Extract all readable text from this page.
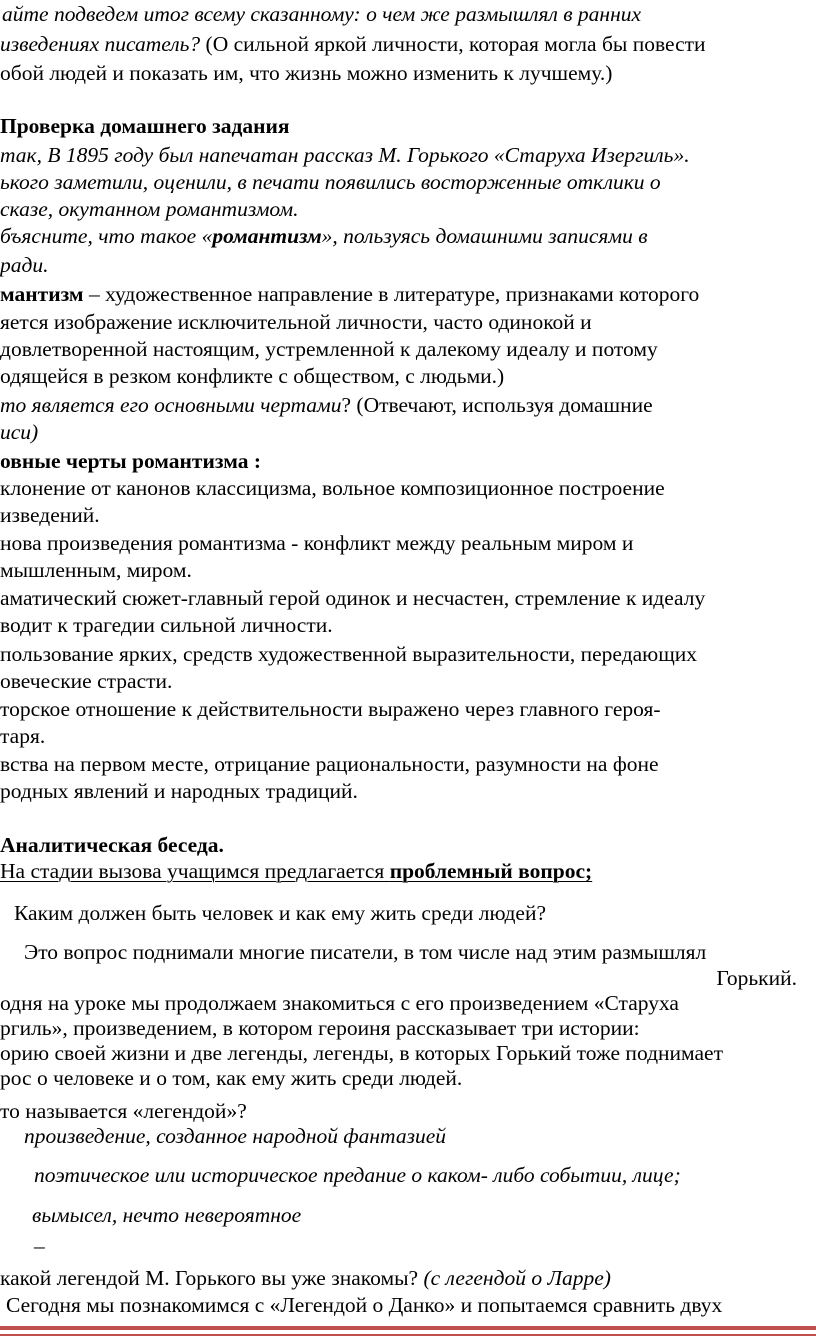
айте подведем итог всему сказанному: о чем же размышлял в ранних
изведениях писатель? (О сильной яркой личности, которая могла бы повести
обой людей и показать им, что жизнь можно изменить к лучшему.)
Проверка домашнего задания
так, В 1895 году был напечатан рассказ М. Горького «Старуха Изергиль».
ького заметили, оценили, в печати появились восторженные отклики о
сказе, окутанном романтизмом.
бъясните, что такое «романтизм», пользуясь домашними записями в
ради.
мантизм – художественное направление в литературе, признаками которого
яется изображение исключительной личности, часто одинокой и
довлетворенной настоящим, устремленной к далекому идеалу и потому
одящейся в резком конфликте с обществом, с людьми.)
то является его основными чертами? (Отвечают, используя домашние
иси)
овные черты романтизма :
клонение от канонов классицизма, вольное композиционное построение
изведений.
нова произведения романтизма - конфликт между реальным миром и
мышленным, миром.
аматический сюжет-главный герой одинок и несчастен, стремление к идеалу
водит к трагедии сильной личности.
пользование ярких, средств художественной выразительности, передающих
овеческие страсти.
торское отношение к действительности выражено через главного героя-
таря.
вства на первом месте, отрицание рациональности, разумности на фоне
родных явлений и народных традиций.
Аналитическая беседа.
На стадии вызова учащимся предлагается проблемный вопрос;
Каким должен быть человек и как ему жить среди людей?
Это вопрос поднимали многие писатели, в том числе над этим размышлял
Горький.
одня на уроке мы продолжаем знакомиться с его произведением «Старуха
ргиль», произведением, в котором героиня рассказывает три истории:
орию своей жизни и две легенды, легенды, в которых Горький тоже поднимает
рос о человеке и о том, как ему жить среди людей.
то называется «легендой»?
произведение, созданное народной фантазией
поэтическое или историческое предание о каком- либо событии, лице;
вымысел, нечто невероятное
–
какой легендой М. Горького вы уже знакомы? (с легендой о Ларре)
Сегодня мы познакомимся с «Легендой о Данко» и попытаемся сравнить двух
